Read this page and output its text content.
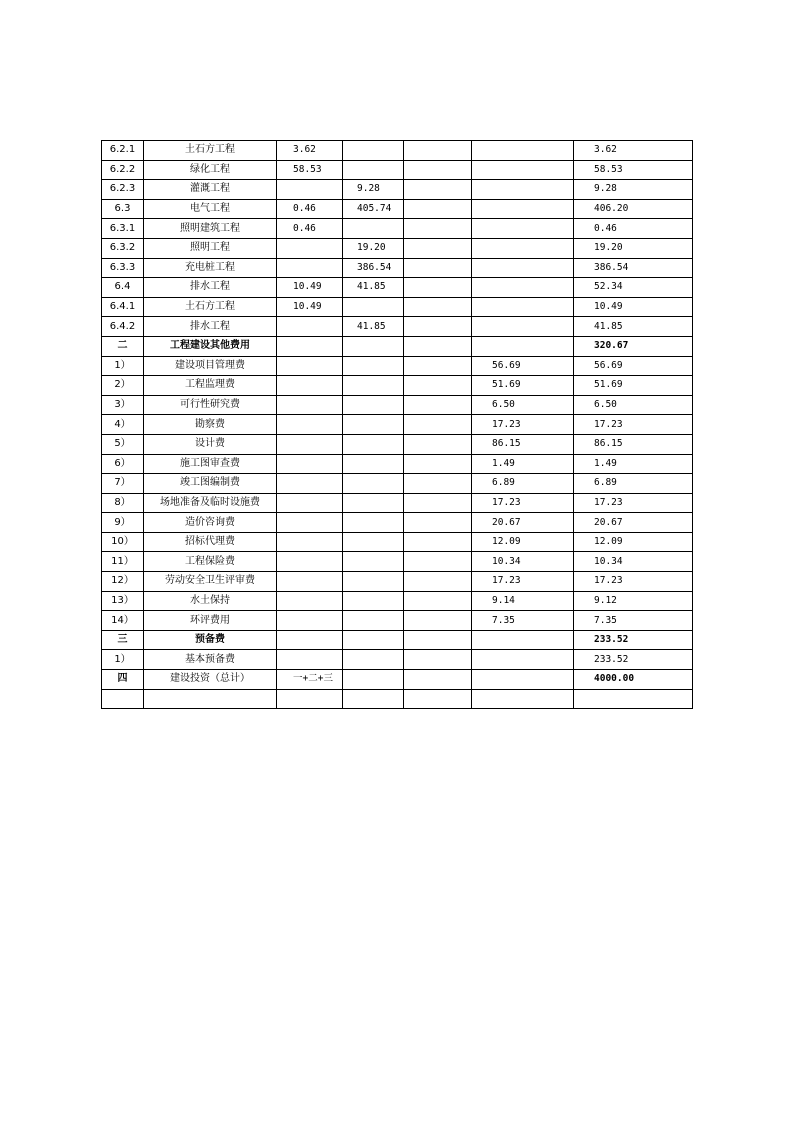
6.2.1	土石方工程	3.62				3.62
6.2.2	绿化工程	58.53				58.53
6.2.3	灌溉工程		9.28			9.28
6.3	电气工程	0.46	405.74			406.20
6.3.1	照明建筑工程	0.46				0.46
6.3.2	照明工程		19.20			19.20
6.3.3	充电桩工程		386.54			386.54
6.4	排水工程	10.49	41.85			52.34
6.4.1	土石方工程	10.49				10.49
6.4.2	排水工程		41.85			41.85
二	工程建设其他费用					320.67
1）	建设项目管理费				56.69	56.69
2）	工程监理费				51.69	51.69
3）	可行性研究费				6.50	6.50
4）	勘察费				17.23	17.23
5）	设计费				86.15	86.15
6）	施工图审查费				1.49	1.49
7）	竣工图编制费				6.89	6.89
8）	场地准备及临时设施费				17.23	17.23
9）	造价咨询费				20.67	20.67
10）	招标代理费				12.09	12.09
11）	工程保险费				10.34	10.34
12）	劳动安全卫生评审费				17.23	17.23
13）	水土保持				9.14	9.12
14）	环评费用				7.35	7.35
三	预备费					233.52
1）	基本预备费					233.52
四	建设投资（总计）	一+二+三				4000.00
